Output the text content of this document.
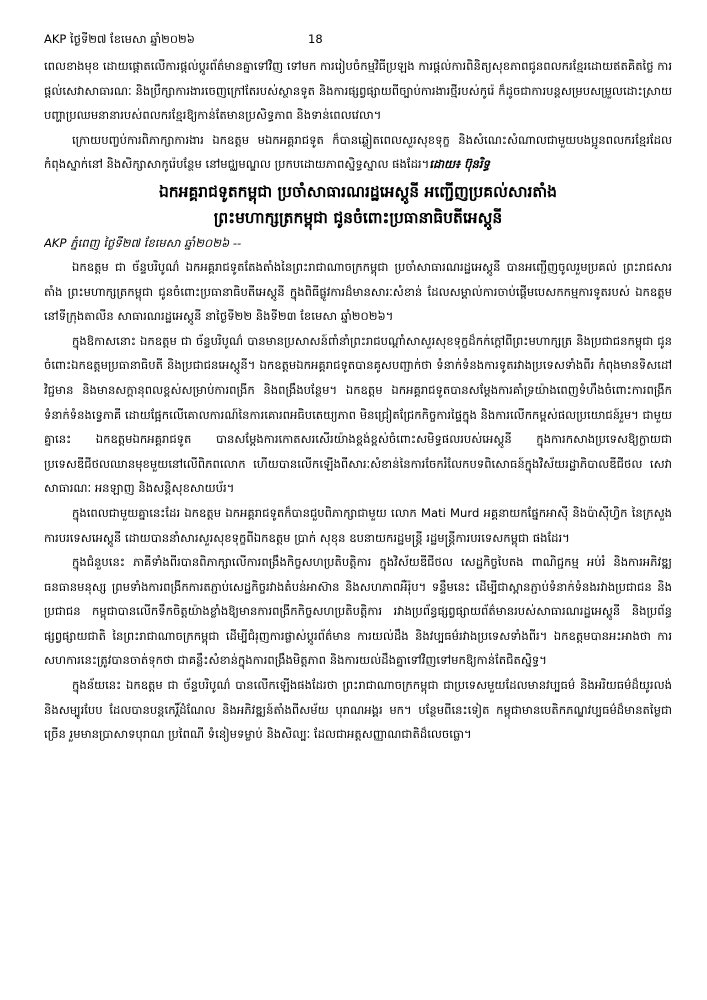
AKP ថ្ងៃទី២៧ ខែមេសា ឆ្នាំ២០២៦	18

ពេលខាងមុខ ដោយផ្តោតលើការផ្តល់ប្តូរព័ត៌មានគ្នាទៅវិញ ទៅមក ការរៀបចំកម្មវិធីប្រឡង ការផ្តល់ការពិនិត្យសុខភាពជូនពលករខ្មែរដោយឥតគិតថ្លៃ ការផ្តល់សេវាសាធារណៈ និងប្រឹក្សាការងារចេញក្រៅតែរបស់ស្ថានទូត និងការផ្សព្វផ្សាយពីច្បាប់ការងារថ្មីរបស់កូរ៉េ ក៏ដូចជាការបន្តសម្របសម្រួលដោះស្រាយបញ្ហាប្រឈមនានារបស់ពលករខ្មែរឱ្យកាន់តែមានប្រសិទ្ធភាព និងទាន់ពេលវេលា។

ក្រោយបញ្ចប់ការពិភាក្សាការងារ ឯកឧត្តម មឯកអគ្គរាជទូត ក៏បានឆ្លៀតពេលសួរសុខទុក្ខ និងសំណេះសំណាលជាមួយបងប្អូនពលករខ្មែរដែលកំពុងស្នាក់នៅ និងសិក្សាសាកូរ៉េបន្ថែម នៅមជ្ឈមណ្ឌល ប្រកបដោយភាពស្និទ្ធស្នាល ផងដែរ។ដោយ៖ ប៊ុនរិទ្ធ

ឯកអគ្គរាជទូតកម្ពុជា ប្រចាំសាធារណរដ្ឋអេស្តូនី អញ្ជើញប្រគល់សារតាំង
ព្រះមហាក្សត្រកម្ពុជា ជូនចំពោះប្រធានាធិបតីអេស្តូនី

AKP ភ្នំពេញ ថ្ងៃទី២៧ ខែមេសា ឆ្នាំ២០២៦ --

ឯកឧត្តម ជា ច័ន្ទបរិបូណ៌ ឯកអគ្គរាជទូតតែងតាំងនៃព្រះរាជាណាចក្រកម្ពុជា ប្រចាំសាធារណរដ្ឋអេស្តូនី បានអញ្ជើញចូលរួមប្រគល់ ព្រះរាជសារតាំង ព្រះមហាក្សត្រកម្ពុជា ជូនចំពោះប្រធានាធិបតីអេស្តូនី ក្នុងពិធីផ្លូវការដ៏មានសារៈសំខាន់ ដែលសម្គាល់ការចាប់ផ្តើមបេសកកម្មការទូតរបស់ ឯកឧត្តម នៅទីក្រុងតាលីន សាធារណរដ្ឋអេស្តូនី នាថ្ងៃទី២២ និងទី២៣ ខែមេសា ឆ្នាំ២០២៦។

ក្នុងឱកាសនោះ ឯកឧត្តម ជា ច័ន្ទបរិបូណ៌ បានមានប្រសាសន៍ពាំនាំព្រះរាជបណ្តាំសាសួរសុខទុក្ខដ៏កក់ក្តៅពីព្រះមហាក្សត្រ និងប្រជាជនកម្ពុជា ជូនចំពោះឯកឧត្តមប្រធានាធិបតី និងប្រជាជនអេស្តូនី។ ឯកឧត្តមឯកអគ្គរាជទូតបានគូសបញ្ជាក់ថា ទំនាក់ទំនងការទូតរវាងប្រទេសទាំងពីរ កំពុងមានទិសដៅវិជ្ជមាន និងមានសក្តានុពលខ្ពស់សម្រាប់ការពង្រីក និងពង្រឹងបន្ថែម។ ឯកឧត្តម ឯកអគ្គរាជទូតបានសម្តែងការគាំទ្រយ៉ាងពេញទំហឹងចំពោះការពង្រីកទំនាក់ទំនងទ្វេភាគី ដោយផ្អែកលើគោលការណ៍នៃការគោរពអធិបតេយ្យភាព មិនជ្រៀតជ្រែកកិច្ចការផ្ទៃក្នុង និងការលើកកម្ពស់ផលប្រយោជន៍រួម។ ជាមួយគ្នានេះ ឯកឧត្តមឯកអគ្គរាជទូត បានសម្តែងការកោតសរសើរយ៉ាងខ្ពង់ខ្ពស់ចំពោះសមិទ្ធផលរបស់អេស្តូនី ក្នុងការកសាងប្រទេសឱ្យក្លាយជាប្រទេសឌីជីថលឈានមុខមួយនៅលើពិភពលោក ហើយបានលើកឡើងពីសារៈសំខាន់នៃការចែករំលែកបទពិសោធន៍ក្នុងវិស័យរដ្ឋាភិបាលឌីជីថល សេវាសាធារណៈ អនឡាញ និងសន្តិសុខសាយប័រ។

ក្នុងពេលជាមួយគ្នានេះដែរ ឯកឧត្តម ឯកអគ្គរាជទូតក៏បានជួបពិភាក្សាជាមួយ លោក Mati Murd អគ្គនាយកផ្នែកអាស៊ី និងប៉ាស៊ីហ្វិក នៃក្រសួងការបរទេសអេស្តូនី ដោយបាននាំសារសួរសុខទុក្ខពីឯកឧត្តម ប្រាក់ សុខុន ឧបនាយករដ្ឋមន្ត្រី រដ្ឋមន្ត្រីការបរទេសកម្ពុជា ផងដែរ។

ក្នុងជំនួបនេះ ភាគីទាំងពីរបានពិភាក្សាលើការពង្រឹងកិច្ចសហប្រតិបត្តិការ ក្នុងវិស័យឌីជីថល សេដ្ឋកិច្ចបៃតង ពាណិជ្ជកម្ម អប់រំ និងការអភិវឌ្ឍធនធានមនុស្ស ព្រមទាំងការពង្រីកការតភ្ជាប់សេដ្ឋកិច្ចរវាងតំបន់អាស៊ាន និងសហភាពអឺរ៉ុប។ ទន្ទឹមនេះ ដើម្បីជាស្ពានភ្ជាប់ទំនាក់ទំនងរវាងប្រជាជន និងប្រជាជន កម្ពុជាបានលើកទឹកចិត្តយ៉ាងខ្លាំងឱ្យមានការពង្រីកកិច្ចសហប្រតិបត្តិការ រវាងប្រព័ន្ធផ្សព្វផ្សាយព័ត៌មានរបស់សាធារណរដ្ឋអេស្តូនី និងប្រព័ន្ធផ្សព្វផ្សាយជាតិ នៃព្រះរាជាណាចក្រកម្ពុជា ដើម្បីជំរុញការផ្លាស់ប្តូរព័ត៌មាន ការយល់ដឹង និងវប្បធម៌រវាងប្រទេសទាំងពីរ។ ឯកឧត្តមបានអះអាងថា ការសហការនេះត្រូវបានចាត់ទុកថា ជាគន្លឹះសំខាន់ក្នុងការពង្រឹងមិត្តភាព និងការយល់ដឹងគ្នាទៅវិញទៅមកឱ្យកាន់តែជិតស្និទ្ធ។

ក្នុងន័យនេះ ឯកឧត្តម ជា ច័ន្ទបរិបូណ៌ បានលើកឡើងផងដែរថា ព្រះរាជាណាចក្រកម្ពុជា ជាប្រទេសមួយដែលមានវប្បធម៌ និងអរិយធម៌ដ៏យូរលង់ និងសម្បូរបែប ដែលបានបន្តកេរ្តិ៍ដំណែល និងអភិវឌ្ឍន៍តាំងពីសម័យ បុរាណអង្គរ មក។ បន្ថែមពីនេះទៀត កម្ពុជាមានបេតិកភណ្ឌវប្បធម៌ដ៏មានតម្លៃជាច្រើន រួមមានប្រាសាទបុរាណ ប្រពៃណី ទំនៀមទម្លាប់ និងសិល្បៈ ដែលជាអត្តសញ្ញាណជាតិដ៏លេចធ្លោ។
